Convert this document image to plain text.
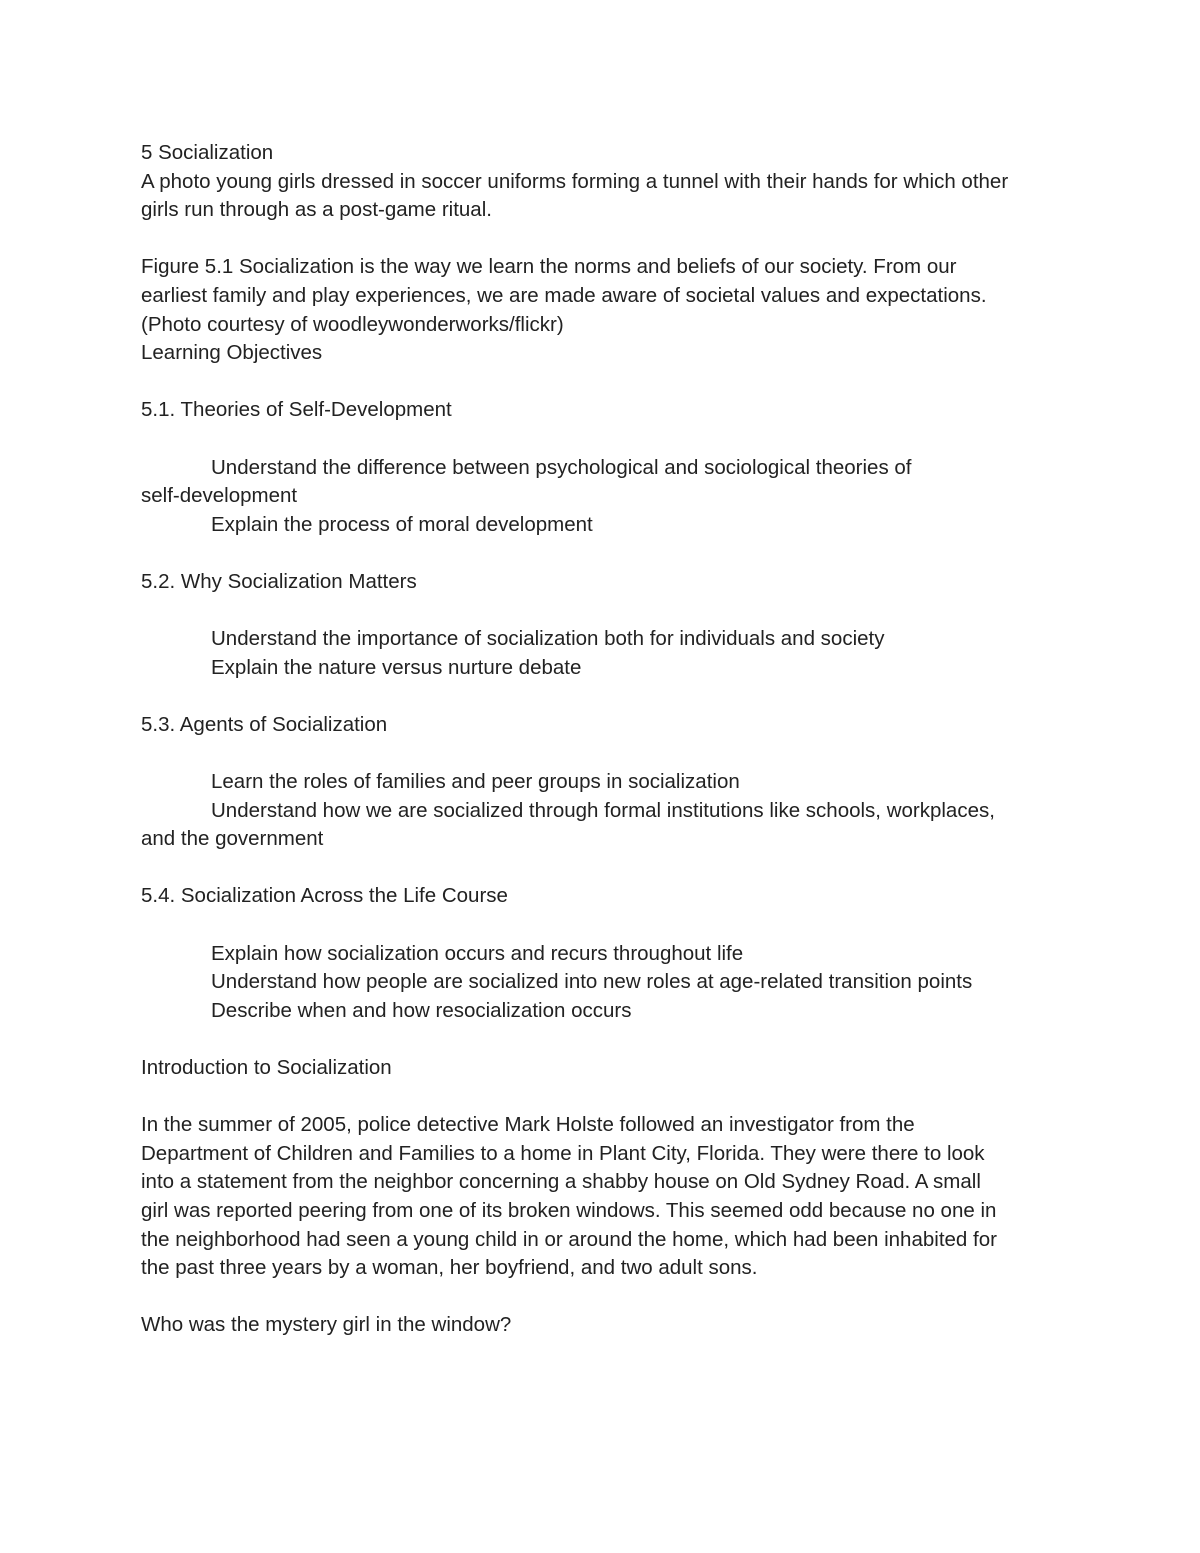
5 Socialization
A photo young girls dressed in soccer uniforms forming a tunnel with their hands for which other
girls run through as a post-game ritual.
Figure 5.1 Socialization is the way we learn the norms and beliefs of our society. From our
earliest family and play experiences, we are made aware of societal values and expectations.
(Photo courtesy of woodleywonderworks/flickr)
Learning Objectives
5.1. Theories of Self-Development
Understand the difference between psychological and sociological theories of
self-development
Explain the process of moral development
5.2. Why Socialization Matters
Understand the importance of socialization both for individuals and society
Explain the nature versus nurture debate
5.3. Agents of Socialization
Learn the roles of families and peer groups in socialization
Understand how we are socialized through formal institutions like schools, workplaces,
and the government
5.4. Socialization Across the Life Course
Explain how socialization occurs and recurs throughout life
Understand how people are socialized into new roles at age-related transition points
Describe when and how resocialization occurs
Introduction to Socialization
In the summer of 2005, police detective Mark Holste followed an investigator from the
Department of Children and Families to a home in Plant City, Florida. They were there to look
into a statement from the neighbor concerning a shabby house on Old Sydney Road. A small
girl was reported peering from one of its broken windows. This seemed odd because no one in
the neighborhood had seen a young child in or around the home, which had been inhabited for
the past three years by a woman, her boyfriend, and two adult sons.
Who was the mystery girl in the window?
